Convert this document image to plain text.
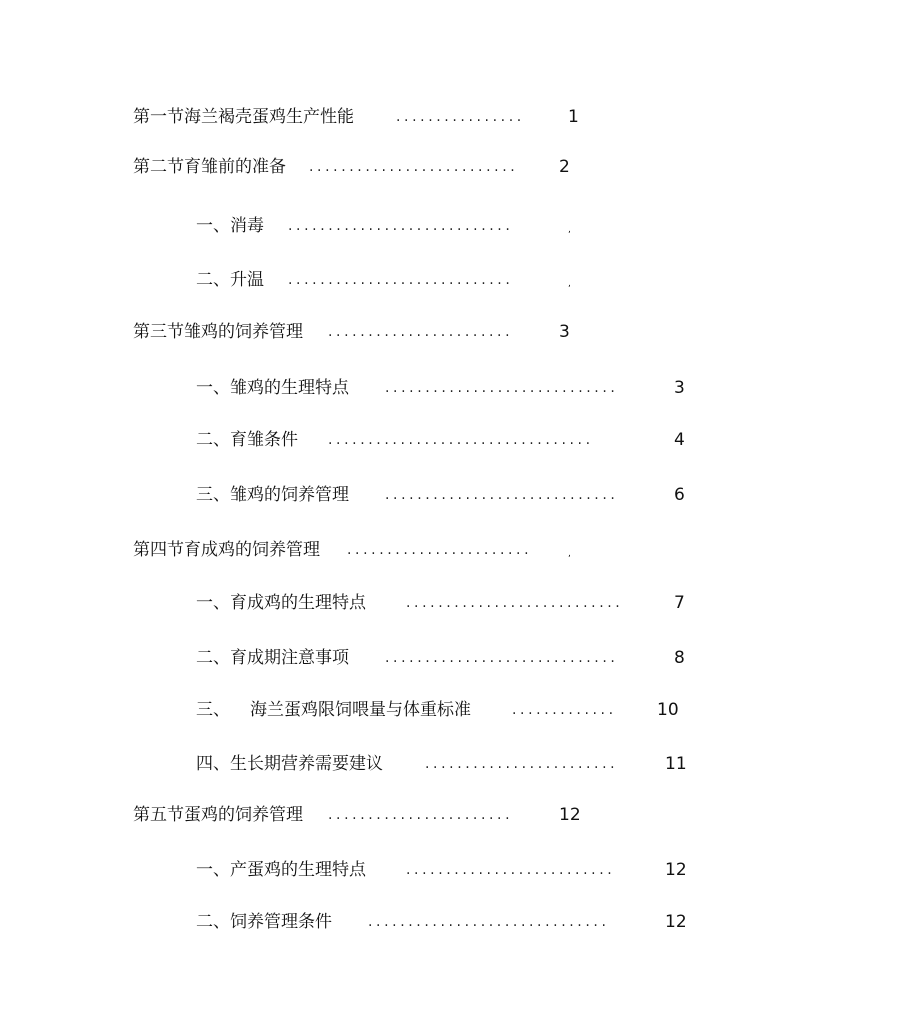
第一节海兰褐壳蛋鸡生产性能	................	1
第二节育雏前的准备 .......................... 2
一、消毒 ............................	,
二、升温 ............................	,
第三节雏鸡的饲养管理 .......................	3
一、雏鸡的生理特点	.............................	3
二、育雏条件 .................................	4
三、雏鸡的饲养管理	.............................	6
第四节育成鸡的饲养管理 .......................	,
一、育成鸡的生理特点	...........................	7
二、育成期注意事项	.............................	8
三、 海兰蛋鸡限饲喂量与体重标准	............. 10
四、生长期营养需要建议	........................	11
第五节蛋鸡的饲养管理 .......................	12
一、产蛋鸡的生理特点	..........................	12
二、饲养管理条件	..............................	12
